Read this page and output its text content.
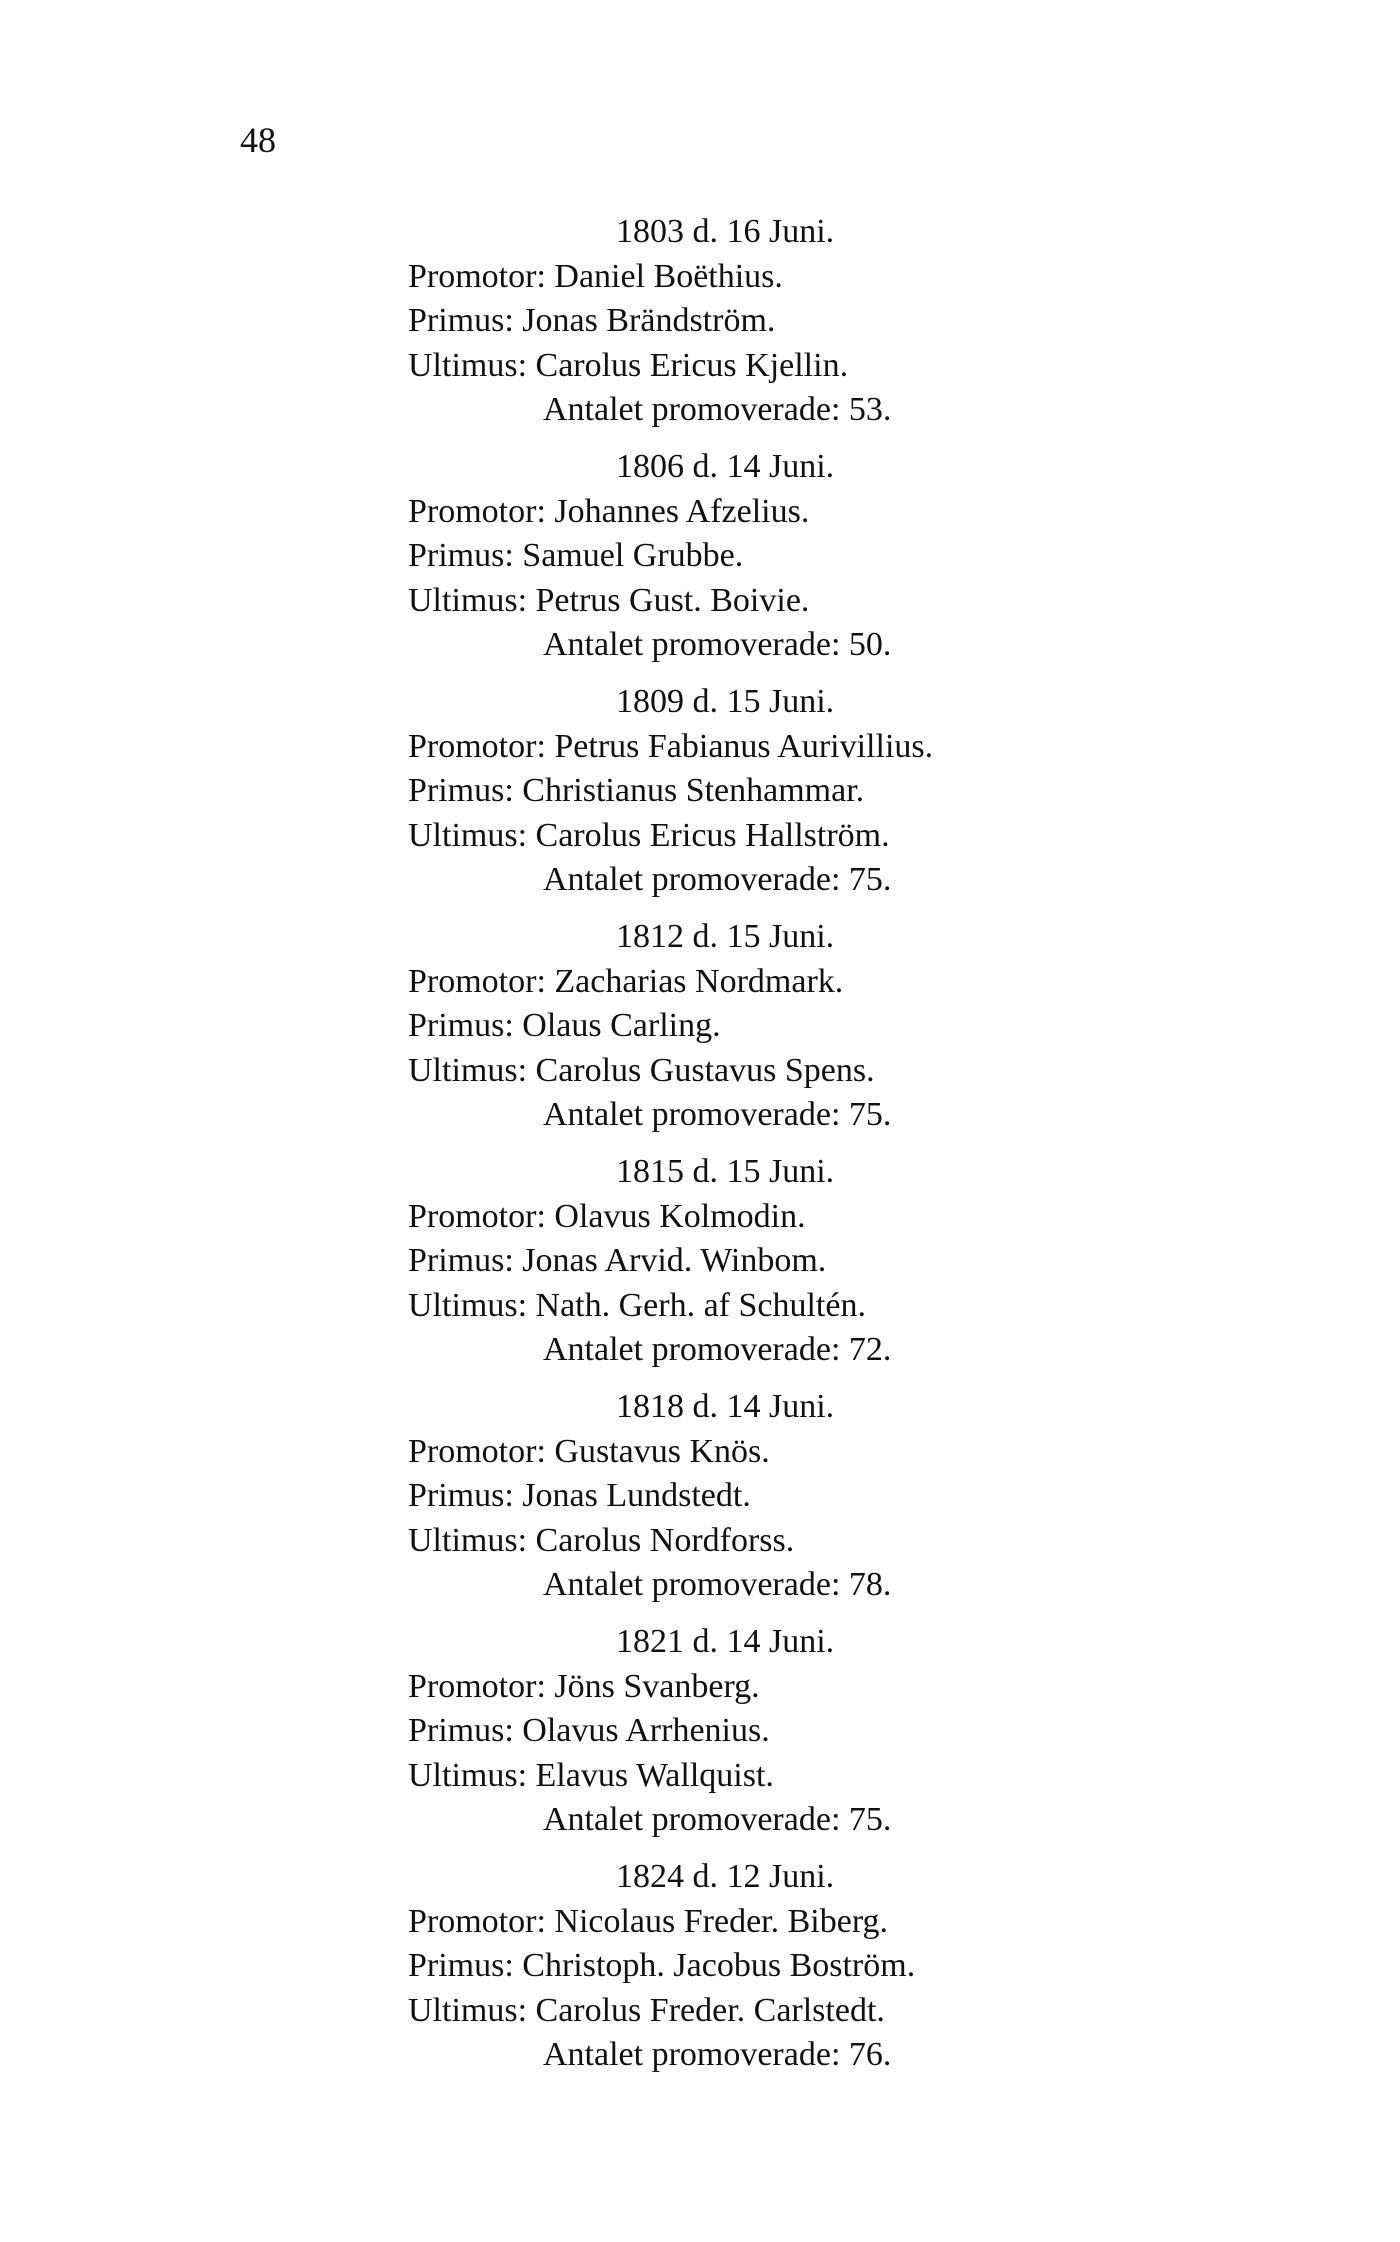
48
1803 d. 16 Juni.
Promotor: Daniel Boëthius.
Primus: Jonas Brändström.
Ultimus: Carolus Ericus Kjellin.
Antalet promoverade: 53.
1806 d. 14 Juni.
Promotor: Johannes Afzelius.
Primus: Samuel Grubbe.
Ultimus: Petrus Gust. Boivie.
Antalet promoverade: 50.
1809 d. 15 Juni.
Promotor: Petrus Fabianus Aurivillius.
Primus: Christianus Stenhammar.
Ultimus: Carolus Ericus Hallström.
Antalet promoverade: 75.
1812 d. 15 Juni.
Promotor: Zacharias Nordmark.
Primus: Olaus Carling.
Ultimus: Carolus Gustavus Spens.
Antalet promoverade: 75.
1815 d. 15 Juni.
Promotor: Olavus Kolmodin.
Primus: Jonas Arvid. Winbom.
Ultimus: Nath. Gerh. af Schultén.
Antalet promoverade: 72.
1818 d. 14 Juni.
Promotor: Gustavus Knös.
Primus: Jonas Lundstedt.
Ultimus: Carolus Nordforss.
Antalet promoverade: 78.
1821 d. 14 Juni.
Promotor: Jöns Svanberg.
Primus: Olavus Arrhenius.
Ultimus: Elavus Wallquist.
Antalet promoverade: 75.
1824 d. 12 Juni.
Promotor: Nicolaus Freder. Biberg.
Primus: Christoph. Jacobus Boström.
Ultimus: Carolus Freder. Carlstedt.
Antalet promoverade: 76.
